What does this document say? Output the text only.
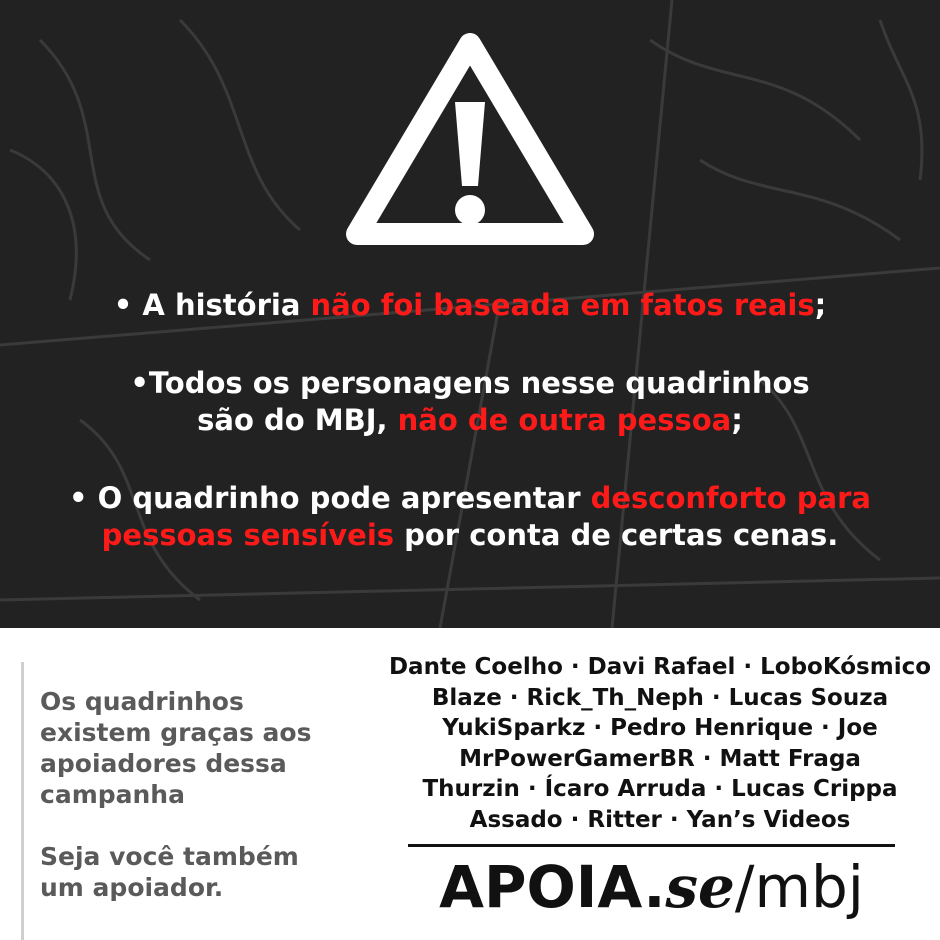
• A história não foi baseada em fatos reais;
•Todos os personagens nesse quadrinhos
são do MBJ, não de outra pessoa;
• O quadrinho pode apresentar desconforto para
pessoas sensíveis por conta de certas cenas.

Os quadrinhos existem graças aos apoiadores dessa campanha

Seja você também um apoiador.

Dante Coelho · Davi Rafael · LoboKósmico
Blaze · Rick_Th_Neph · Lucas Souza
YukiSparkz · Pedro Henrique · Joe
MrPowerGamerBR · Matt Fraga
Thurzin · Ícaro Arruda · Lucas Crippa
Assado · Ritter · Yan’s Videos
APOIA.se/mbj
